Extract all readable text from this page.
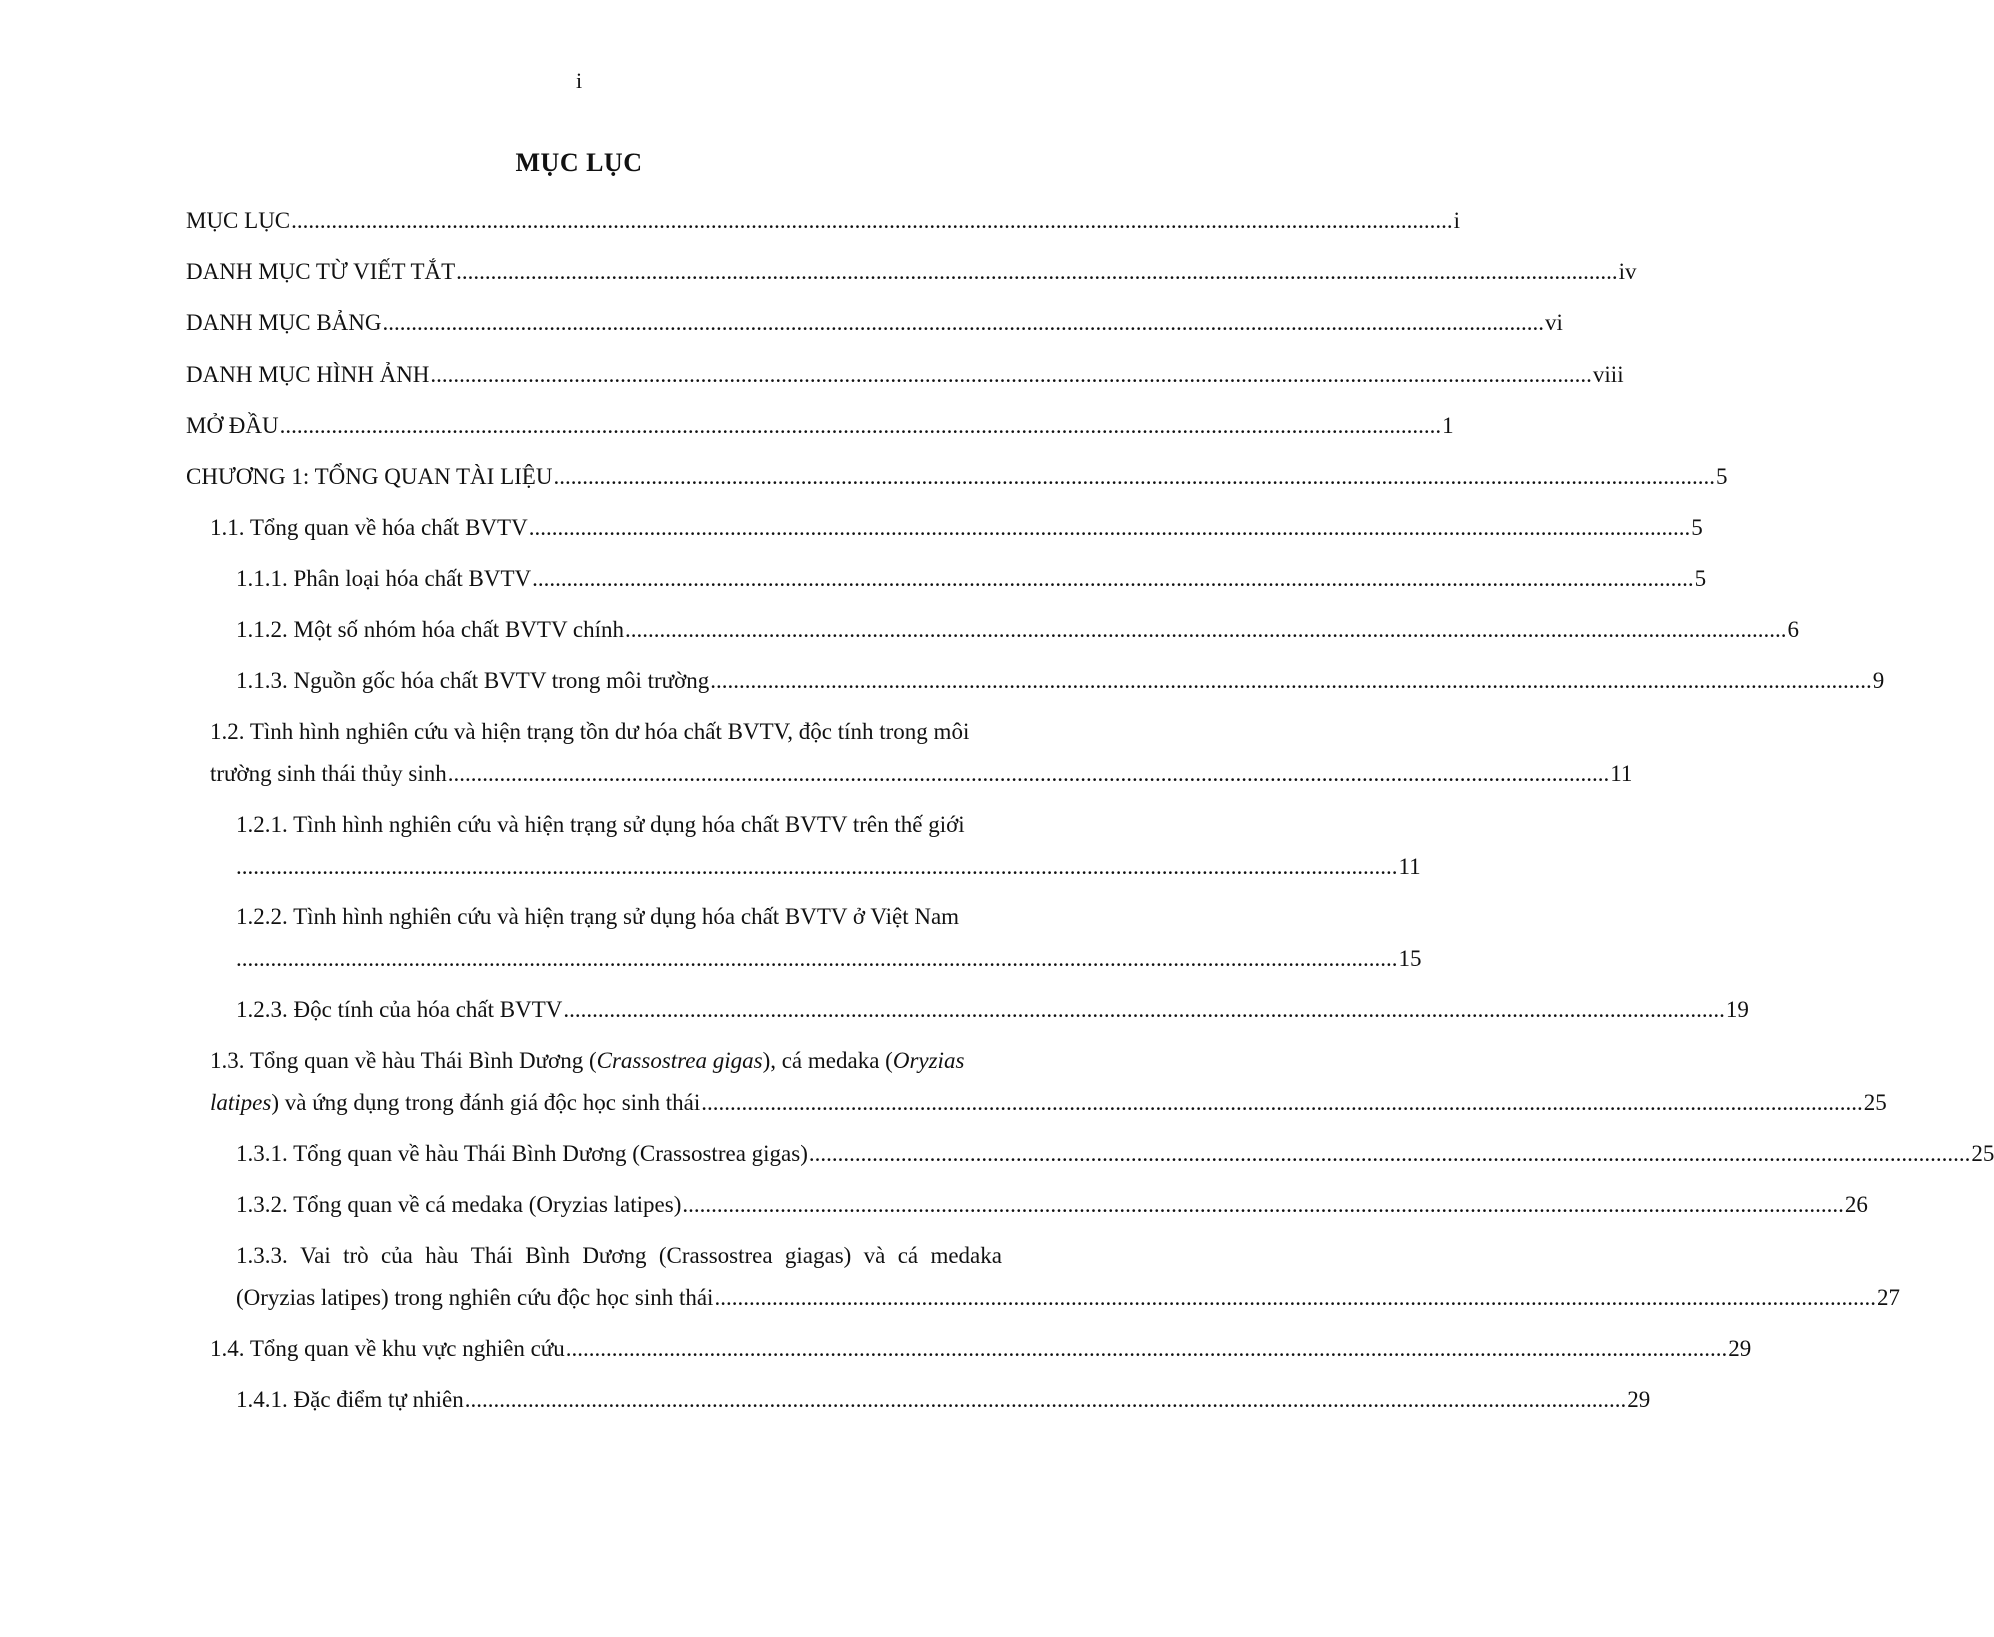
i
MỤC LỤC
MỤC LỤC .......................................................................................................................................................................................................... i
DANH MỤC TỪ VIẾT TẮT .......................................................................................................................................................................................................... iv
DANH MỤC BẢNG .......................................................................................................................................................................................................... vi
DANH MỤC HÌNH ẢNH .......................................................................................................................................................................................................... viii
MỞ ĐẦU .......................................................................................................................................................................................................... 1
CHƯƠNG 1: TỔNG QUAN TÀI LIỆU .......................................................................................................................................................................................................... 5
1.1. Tổng quan về hóa chất BVTV .......................................................................................................................................................................................................... 5
1.1.1. Phân loại hóa chất BVTV .......................................................................................................................................................................................................... 5
1.1.2. Một số nhóm hóa chất BVTV chính .......................................................................................................................................................................................................... 6
1.1.3. Nguồn gốc hóa chất BVTV trong môi trường .......................................................................................................................................................................................................... 9
1.2. Tình hình nghiên cứu và hiện trạng tồn dư hóa chất BVTV, độc tính trong môi
trường sinh thái thủy sinh .......................................................................................................................................................................................................... 11
1.2.1. Tình hình nghiên cứu và hiện trạng sử dụng hóa chất BVTV trên thế giới
.......................................................................................................................................................................................................... 11
1.2.2. Tình hình nghiên cứu và hiện trạng sử dụng hóa chất BVTV ở Việt Nam
.......................................................................................................................................................................................................... 15
1.2.3. Độc tính của hóa chất BVTV .......................................................................................................................................................................................................... 19
1.3. Tổng quan về hàu Thái Bình Dương (Crassostrea gigas), cá medaka (Oryzias
latipes) và ứng dụng trong đánh giá độc học sinh thái .......................................................................................................................................................................................................... 25
1.3.1. Tổng quan về hàu Thái Bình Dương (Crassostrea gigas) .......................................................................................................................................................................................................... 25
1.3.2. Tổng quan về cá medaka (Oryzias latipes) .......................................................................................................................................................................................................... 26
1.3.3. Vai trò của hàu Thái Bình Dương (Crassostrea giagas) và cá medaka
(Oryzias latipes) trong nghiên cứu độc học sinh thái .......................................................................................................................................................................................................... 27
1.4. Tổng quan về khu vực nghiên cứu .......................................................................................................................................................................................................... 29
1.4.1. Đặc điểm tự nhiên .......................................................................................................................................................................................................... 29
